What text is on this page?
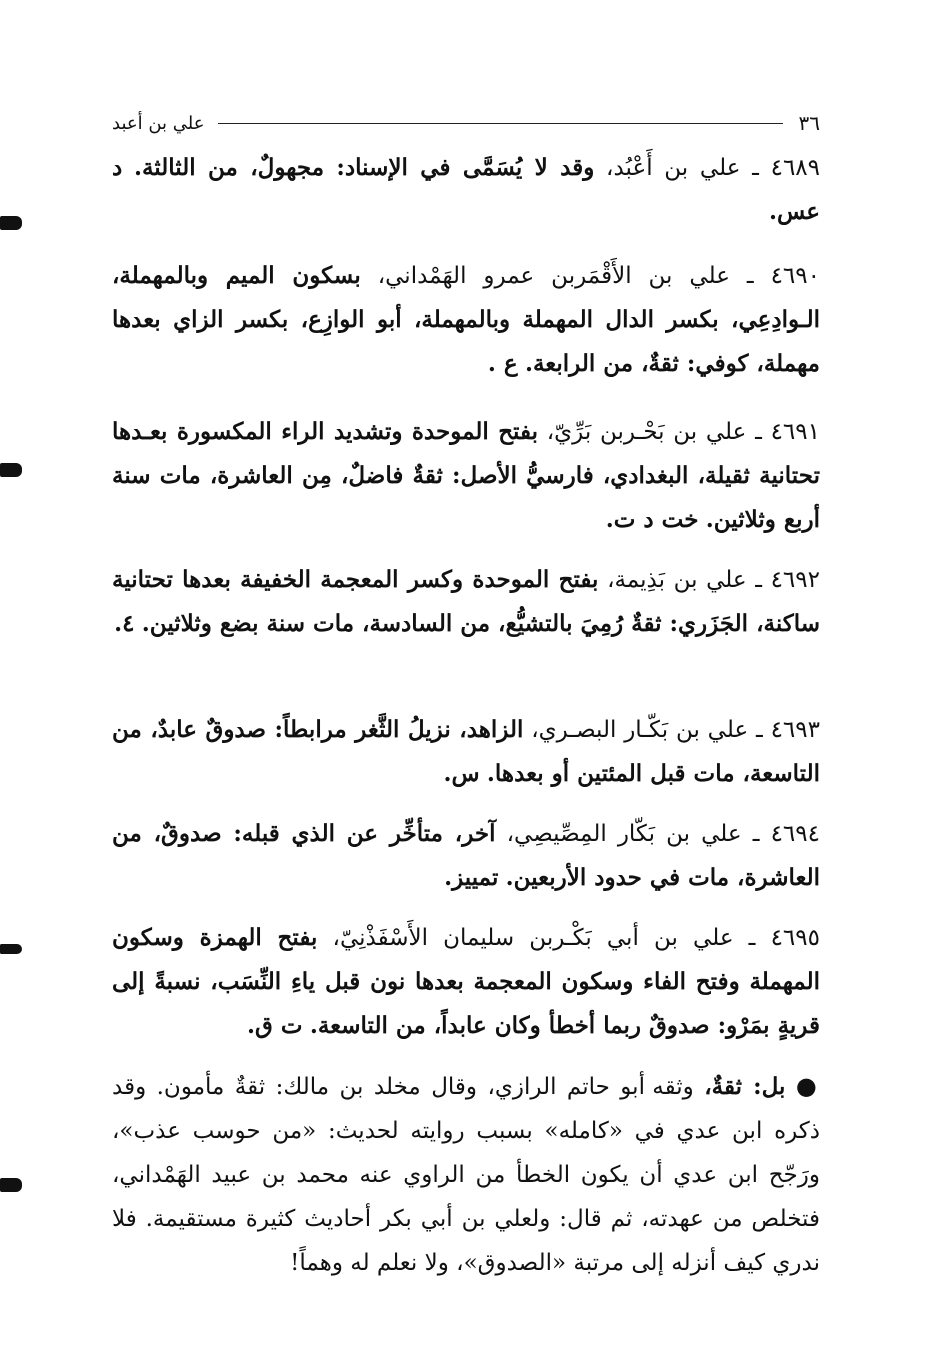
٣٦
علي بن أعبد
٤٦٨٩ ـ علي بن أَعْبُد، وقد لا يُسَمَّى في الإسناد: مجهولٌ، من الثالثة. د عس.
٤٦٩٠ ـ علي بن الأَقْمَربن عمرو الهَمْداني، بسكون الميم وبالمهملة، الـوادِعِي، بكسر الدال المهملة وبالمهملة، أبو الوازِع، بكسر الزاي بعدها مهملة، كوفي: ثقةٌ، من الرابعة. ع .
٤٦٩١ ـ علي بن بَحْـربن بَرِّيّ، بفتح الموحدة وتشديد الراء المكسورة بعـدها تحتانية ثقيلة، البغدادي، فارسيُّ الأصل: ثقةٌ فاضلٌ، مِن العاشرة، مات سنة أربع وثلاثين. خت د ت.
٤٦٩٢ ـ علي بن بَذِيمة، بفتح الموحدة وكسر المعجمة الخفيفة بعدها تحتانية ساكنة، الجَزَري: ثقةٌ رُمِيَ بالتشيُّع، من السادسة، مات سنة بضع وثلاثين. ٤.
٤٦٩٣ ـ علي بن بَكّـار البصـري، الزاهد، نزيلُ الثَّغر مرابطاً: صدوقٌ عابدٌ، من التاسعة، مات قبل المئتين أو بعدها. س.
٤٦٩٤ ـ علي بن بَكّار المِصِّيصِي، آخر، متأخِّر عن الذي قبله: صدوقٌ، من العاشرة، مات في حدود الأربعين. تمييز.
٤٦٩٥ ـ علي بن أبي بَكْـربن سليمان الأَسْفَذْنِيّ، بفتح الهمزة وسكون المهملة وفتح الفاء وسكون المعجمة بعدها نون قبل ياءِ النِّسَب، نسبةً إلى قريةٍ بمَرْو: صدوقٌ ربما أخطأ وكان عابداً، من التاسعة. ت ق.
● بل: ثقةٌ، وثقه أبو حاتم الرازي، وقال مخلد بن مالك: ثقةٌ مأمون. وقد ذكره ابن عدي في «كامله» بسبب روايته لحديث: «من حوسب عذب»، ورَجّح ابن عدي أن يكون الخطأ من الراوي عنه محمد بن عبيد الهَمْداني، فتخلص من عهدته، ثم قال: ولعلي بن أبي بكر أحاديث كثيرة مستقيمة. فلا ندري كيف أنزله إلى مرتبة «الصدوق»، ولا نعلم له وهماً!
